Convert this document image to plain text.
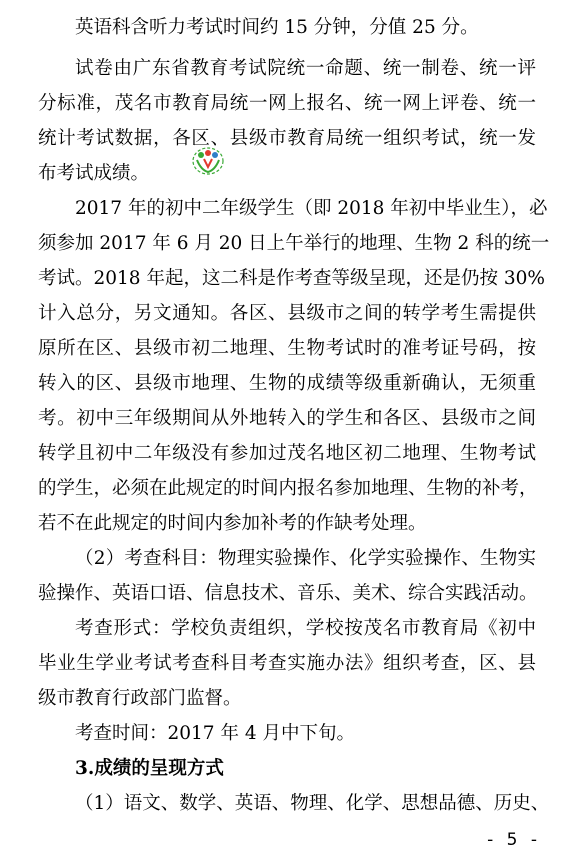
英语科含听力考试时间约 15 分钟，分值 25 分。
试卷由广东省教育考试院统一命题、统一制卷、统一评
分标准，茂名市教育局统一网上报名、统一网上评卷、统一
统计考试数据，各区、县级市教育局统一组织考试，统一发
布考试成绩。
2017 年的初中二年级学生（即 2018 年初中毕业生），必
须参加 2017 年 6 月 20 日上午举行的地理、生物 2 科的统一
考试。2018 年起，这二科是作考查等级呈现，还是仍按 30%
计入总分，另文通知。各区、县级市之间的转学考生需提供
原所在区、县级市初二地理、生物考试时的准考证号码，按
转入的区、县级市地理、生物的成绩等级重新确认，无须重
考。初中三年级期间从外地转入的学生和各区、县级市之间
转学且初中二年级没有参加过茂名地区初二地理、生物考试
的学生，必须在此规定的时间内报名参加地理、生物的补考，
若不在此规定的时间内参加补考的作缺考处理。
（2）考查科目：物理实验操作、化学实验操作、生物实
验操作、英语口语、信息技术、音乐、美术、综合实践活动。
考查形式：学校负责组织，学校按茂名市教育局《初中
毕业生学业考试考查科目考查实施办法》组织考查，区、县
级市教育行政部门监督。
考查时间：2017 年 4 月中下旬。
3.成绩的呈现方式
（1）语文、数学、英语、物理、化学、思想品德、历史、
- 5 -
